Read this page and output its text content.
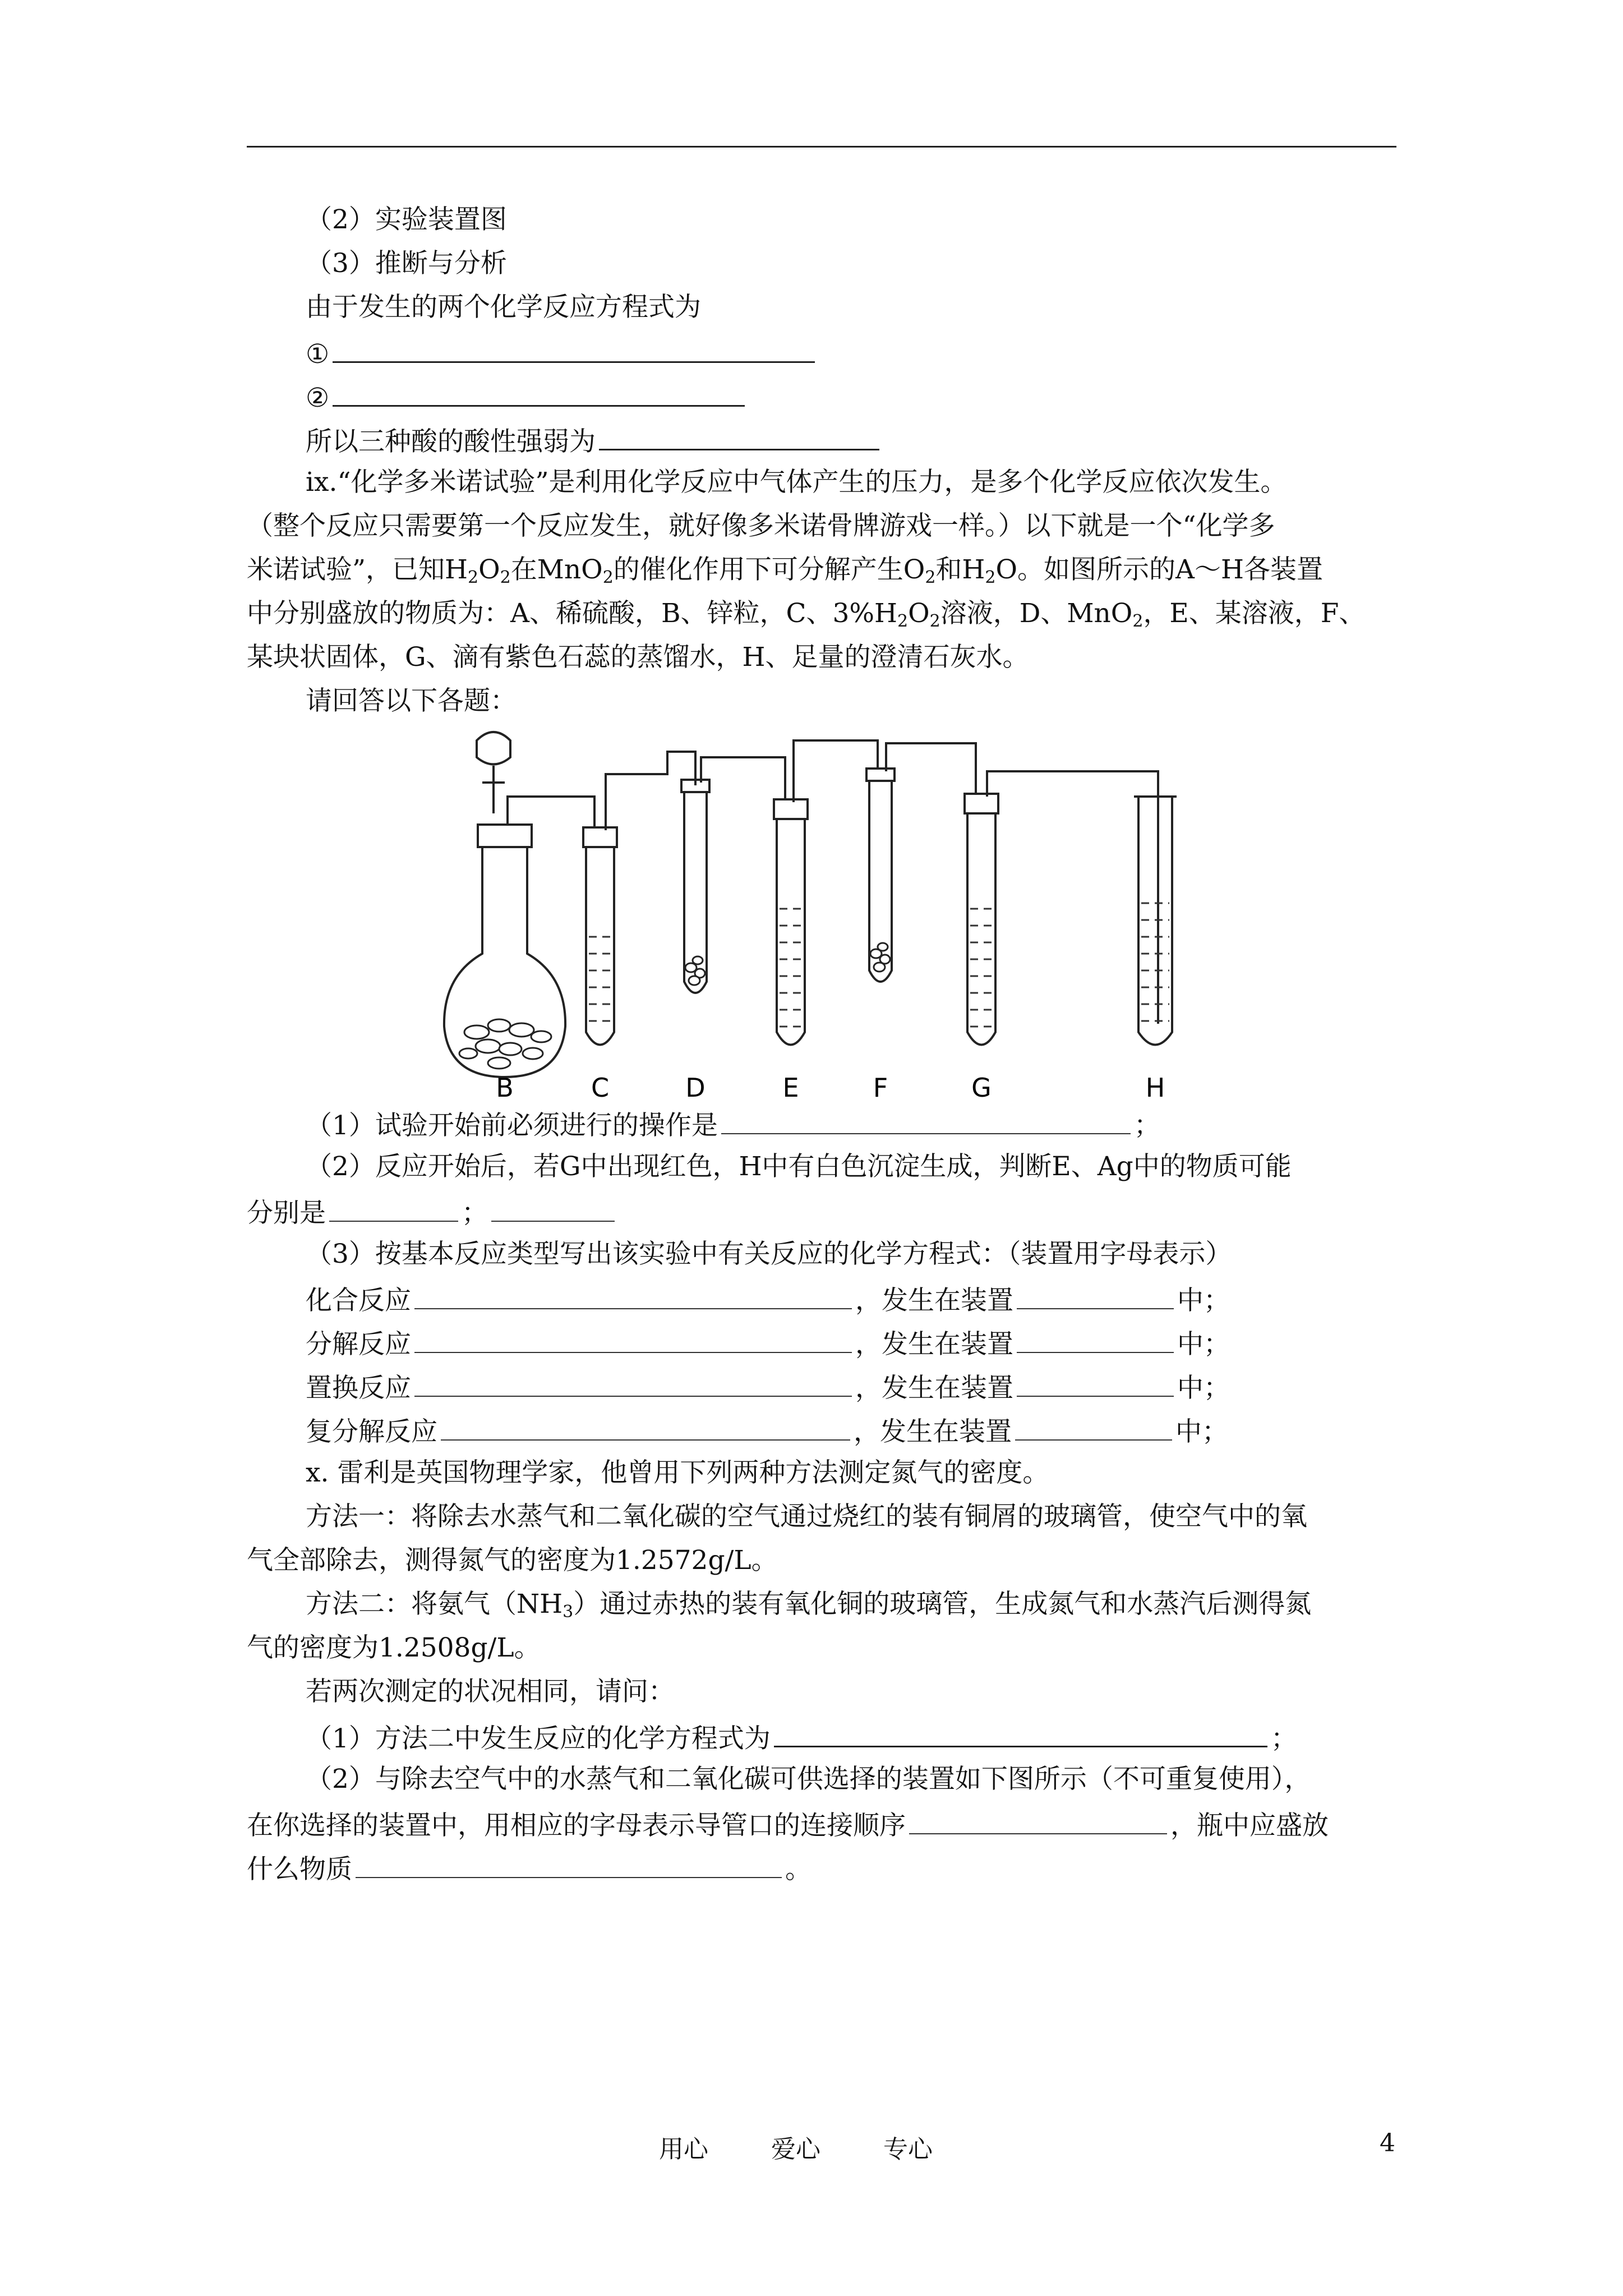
（2）实验装置图
（3）推断与分析
由于发生的两个化学反应方程式为
①
②
所以三种酸的酸性强弱为
ix.“化学多米诺试验”是利用化学反应中气体产生的压力，是多个化学反应依次发生。
（整个反应只需要第一个反应发生，就好像多米诺骨牌游戏一样。）以下就是一个“化学多
米诺试验”，已知$H_2O_2$在MnO$_2$的催化作用下可分解产生$O_2$和$H_2O$。如图所示的A～H各装置
中分别盛放的物质为：A、稀硫酸，B、锌粒，C、$3\%H_2O_2$溶液，D、MnO$_2$，E、某溶液，F、
某块状固体，G、滴有紫色石蕊的蒸馏水，H、足量的澄清石灰水。
请回答以下各题：
B	C	D	E	F	G	H
（1）试验开始前必须进行的操作是	；
（2）反应开始后，若G中出现红色，H中有白色沉淀生成，判断E、Ag中的物质可能
分别是	；
（3）按基本反应类型写出该实验中有关反应的化学方程式：（装置用字母表示）
化合反应	，发生在装置	中；
分解反应	，发生在装置	中；
置换反应	，发生在装置	中；
复分解反应	，发生在装置	中；
x. 雷利是英国物理学家，他曾用下列两种方法测定氮气的密度。
方法一：将除去水蒸气和二氧化碳的空气通过烧红的装有铜屑的玻璃管，使空气中的氧
气全部除去，测得氮气的密度为1.2572g/L。
方法二：将氨气$(NH_3)$通过赤热的装有氧化铜的玻璃管，生成氮气和水蒸汽后测得氮
气的密度为1.2508g/L。
若两次测定的状况相同，请问：
（1）方法二中发生反应的化学方程式为	；
（2）与除去空气中的水蒸气和二氧化碳可供选择的装置如下图所示（不可重复使用），
在你选择的装置中，用相应的字母表示导管口的连接顺序	，瓶中应盛放
什么物质	。
用心	爱心	专心	4
